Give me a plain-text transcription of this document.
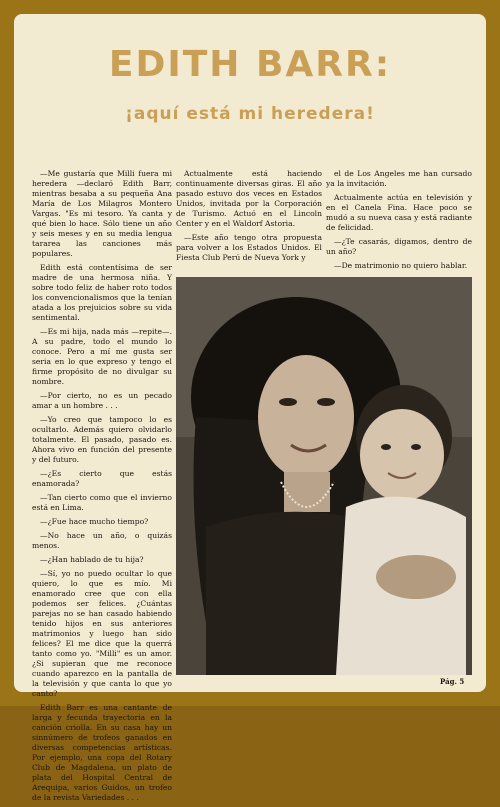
EDITH BARR:
¡aquí está mi heredera!

—Me gustaría que Milli fuera mi heredera —declaró Edith Barr, mientras besaba a su pequeña Ana María de Los Milagros Montero Vargas. "Es mi tesoro. Ya canta y qué bien lo hace. Sólo tiene un año y seis meses y en su media lengua tararea las canciones más populares.

Edith está contentísima de ser madre de una hermosa niña. Y sobre todo feliz de haber roto todos los convencionalismos que la tenían atada a los prejuicios sobre su vida sentimental.

—Es mi hija, nada más —repite—. A su padre, todo el mundo lo conoce. Pero a mí me gusta ser seria en lo que expreso y tengo el firme propósito de no divulgar su nombre.

—Por cierto, no es un pecado amar a un hombre . . .

—Yo creo que tampoco lo es ocultarlo. Además quiero olvidarlo totalmente. El pasado, pasado es. Ahora vivo en función del presente y del futuro.

—¿Es cierto que estás enamorada?

—Tan cierto como que el invierno está en Lima.

—¿Fue hace mucho tiempo?

—No hace un año, o quizás menos.

—¿Han hablado de tu hija?

—Sí, yo no puedo ocultar lo que quiero, lo que es mío. Mi enamorado cree que con ella podemos ser felices. ¿Cuántas parejas no se han casado habiendo tenido hijos en sus anteriores matrimonios y luego han sido felices? El me dice que la querrá tanto como yo. "Milli" es un amor. ¿Si supieran que me reconoce cuando aparezco en la pantalla de la televisión y que canta lo que yo canto?

Edith Barr es una cantante de larga y fecunda trayectoria en la canción criolla. En su casa hay un sinnúmero de trofeos ganados en diversas competencias artísticas. Por ejemplo, una copa del Rotary Club de Magdalena, un plato de plata del Hospital Central de Arequipa, varios Guidos, un trofeo de la revista Variedades . . .

Actualmente está haciendo continuamente diversas giras. El año pasado estuvo dos veces en Estados Unidos, invitada por la Corporación de Turismo. Actuó en el Lincoln Center y en el Waldorf Astoria.

—Este año tengo otra propuesta para volver a los Estados Unidos. El Fiesta Club Perú de Nueva York y

el de Los Angeles me han cursado ya la invitación.

Actualmente actúa en televisión y en el Canela Fina. Hace poco se mudó a su nueva casa y está radiante de felicidad.

—¿Te casarás, digamos, dentro de un año?

—De matrimonio no quiero hablar.

Pág. 5
